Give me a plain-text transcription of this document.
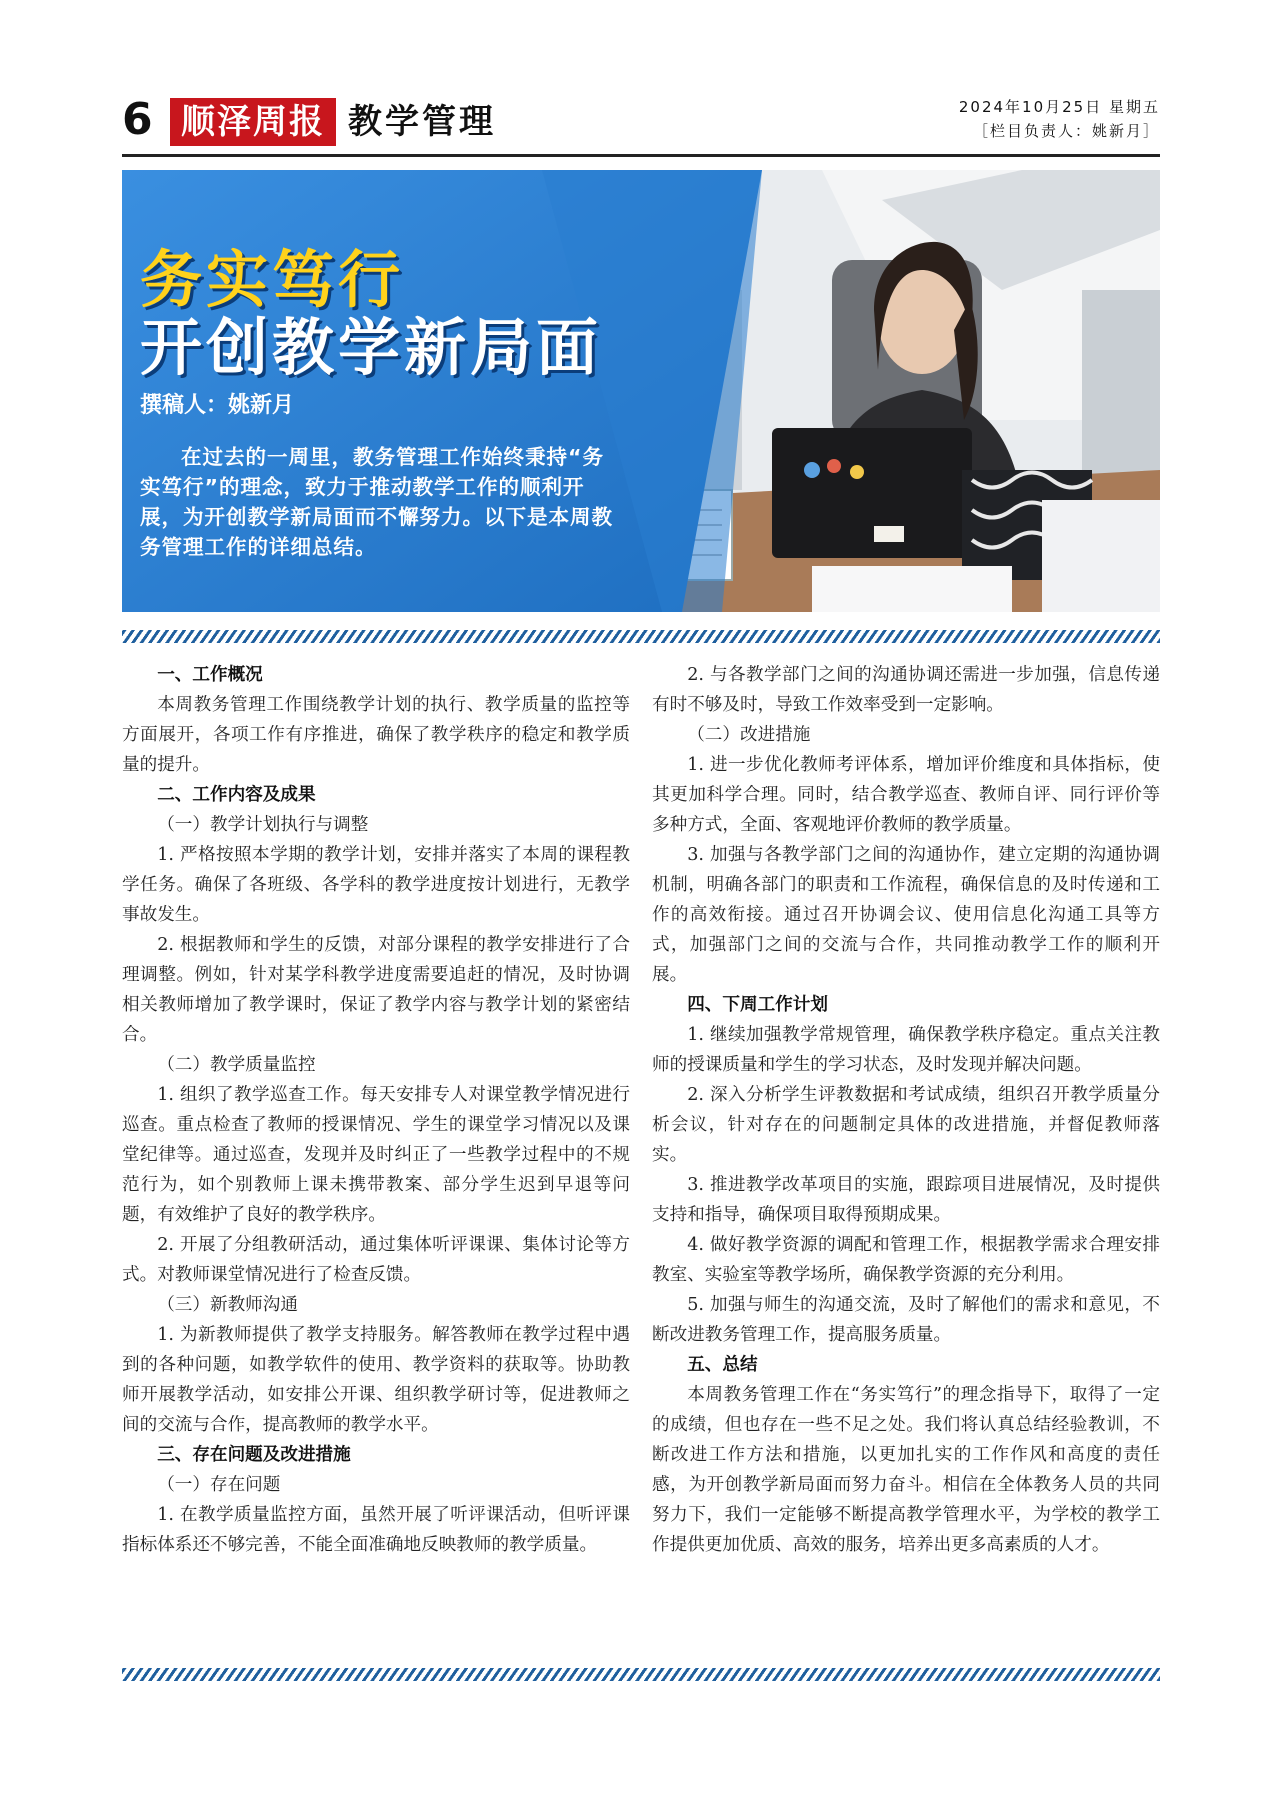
6 顺泽周报 教学管理	2024年10月25日 星期五
［栏目负责人：姚新月］
务实笃行
开创教学新局面
撰稿人：姚新月
在过去的一周里，教务管理工作始终秉持“务实笃行”的理念，致力于推动教学工作的顺利开展，为开创教学新局面而不懈努力。以下是本周教务管理工作的详细总结。

一、工作概况

本周教务管理工作围绕教学计划的执行、教学质量的监控等方面展开，各项工作有序推进，确保了教学秩序的稳定和教学质量的提升。

二、工作内容及成果

（一）教学计划执行与调整

1. 严格按照本学期的教学计划，安排并落实了本周的课程教学任务。确保了各班级、各学科的教学进度按计划进行，无教学事故发生。

2. 根据教师和学生的反馈，对部分课程的教学安排进行了合理调整。例如，针对某学科教学进度需要追赶的情况，及时协调相关教师增加了教学课时，保证了教学内容与教学计划的紧密结合。

（二）教学质量监控

1. 组织了教学巡查工作。每天安排专人对课堂教学情况进行巡查。重点检查了教师的授课情况、学生的课堂学习情况以及课堂纪律等。通过巡查，发现并及时纠正了一些教学过程中的不规范行为，如个别教师上课未携带教案、部分学生迟到早退等问题，有效维护了良好的教学秩序。

2. 开展了分组教研活动，通过集体听评课课、集体讨论等方式。对教师课堂情况进行了检查反馈。

（三）新教师沟通

1. 为新教师提供了教学支持服务。解答教师在教学过程中遇到的各种问题，如教学软件的使用、教学资料的获取等。协助教师开展教学活动，如安排公开课、组织教学研讨等，促进教师之间的交流与合作，提高教师的教学水平。

三、存在问题及改进措施

（一）存在问题

1. 在教学质量监控方面，虽然开展了听评课活动，但听评课指标体系还不够完善，不能全面准确地反映教师的教学质量。

2. 与各教学部门之间的沟通协调还需进一步加强，信息传递有时不够及时，导致工作效率受到一定影响。

（二）改进措施

1. 进一步优化教师考评体系，增加评价维度和具体指标，使其更加科学合理。同时，结合教学巡查、教师自评、同行评价等多种方式，全面、客观地评价教师的教学质量。

3. 加强与各教学部门之间的沟通协作，建立定期的沟通协调机制，明确各部门的职责和工作流程，确保信息的及时传递和工作的高效衔接。通过召开协调会议、使用信息化沟通工具等方式，加强部门之间的交流与合作，共同推动教学工作的顺利开展。

四、下周工作计划

1. 继续加强教学常规管理，确保教学秩序稳定。重点关注教师的授课质量和学生的学习状态，及时发现并解决问题。

2. 深入分析学生评教数据和考试成绩，组织召开教学质量分析会议，针对存在的问题制定具体的改进措施，并督促教师落实。

3. 推进教学改革项目的实施，跟踪项目进展情况，及时提供支持和指导，确保项目取得预期成果。

4. 做好教学资源的调配和管理工作，根据教学需求合理安排教室、实验室等教学场所，确保教学资源的充分利用。

5. 加强与师生的沟通交流，及时了解他们的需求和意见，不断改进教务管理工作，提高服务质量。

五、总结

本周教务管理工作在“务实笃行”的理念指导下，取得了一定的成绩，但也存在一些不足之处。我们将认真总结经验教训，不断改进工作方法和措施，以更加扎实的工作作风和高度的责任感，为开创教学新局面而努力奋斗。相信在全体教务人员的共同努力下，我们一定能够不断提高教学管理水平，为学校的教学工作提供更加优质、高效的服务，培养出更多高素质的人才。
